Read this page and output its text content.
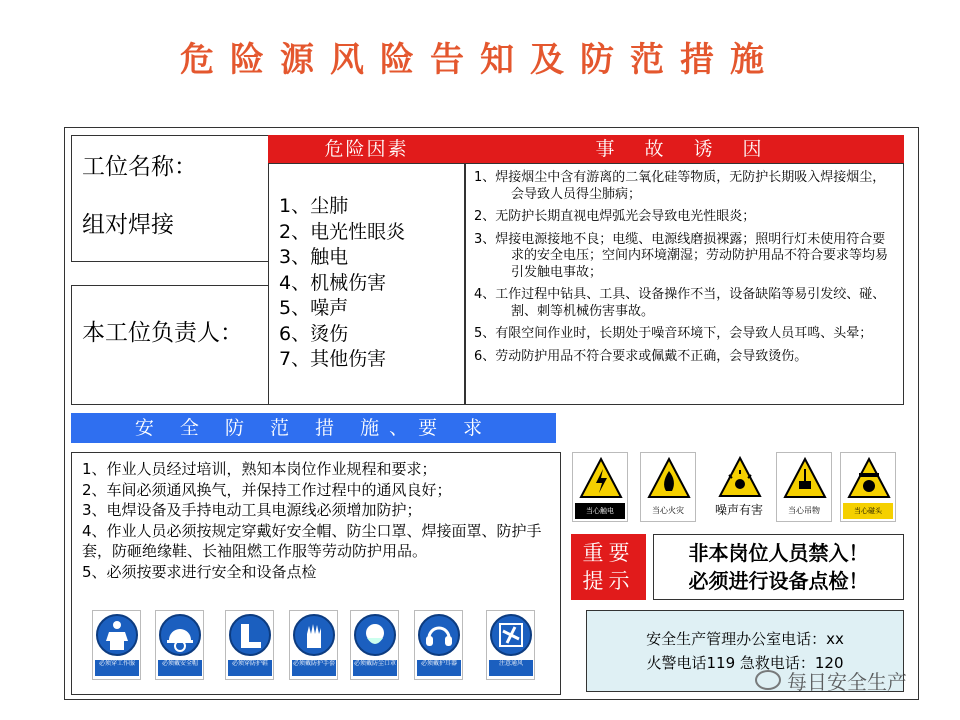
危险源风险告知及防范措施
工位名称：
组对焊接
本工位负责人：
危险因素	事 故 诱 因
1、尘肺
2、电光性眼炎
3、触电
4、机械伤害
5、噪声
6、烫伤
7、其他伤害
1、焊接烟尘中含有游离的二氧化硅等物质，无防护长期吸入焊接烟尘，会导致人员得尘肺病；
2、无防护长期直视电焊弧光会导致电光性眼炎；
3、焊接电源接地不良；电缆、电源线磨损裸露；照明行灯未使用符合要求的安全电压；空间内环境潮湿；劳动防护用品不符合要求等均易引发触电事故；
4、工作过程中钻具、工具、设备操作不当，设备缺陷等易引发绞、碰、割、刺等机械伤害事故。
5、有限空间作业时，长期处于噪音环境下，会导致人员耳鸣、头晕；
6、劳动防护用品不符合要求或佩戴不正确，会导致烫伤。
安 全 防 范 措 施、要 求
1、作业人员经过培训，熟知本岗位作业规程和要求；
2、车间必须通风换气，并保持工作过程中的通风良好；
3、电焊设备及手持电动工具电源线必须增加防护；
4、作业人员必须按规定穿戴好安全帽、防尘口罩、焊接面罩、防护手套，防砸绝缘鞋、长袖阻燃工作服等劳动防护用品。
5、必须按要求进行安全和设备点检
必须穿工作服	必须戴安全帽	必须穿防护鞋	必须戴防护手套	必须戴防尘口罩	必须戴护耳器	注意通风
当心触电	当心火灾	噪声有害	当心吊物	当心碰头
重要提示

非本岗位人员禁入！

必须进行设备点检！

安全生产管理办公室电话：xx

火警电话119 急救电话：120

每日安全生产
